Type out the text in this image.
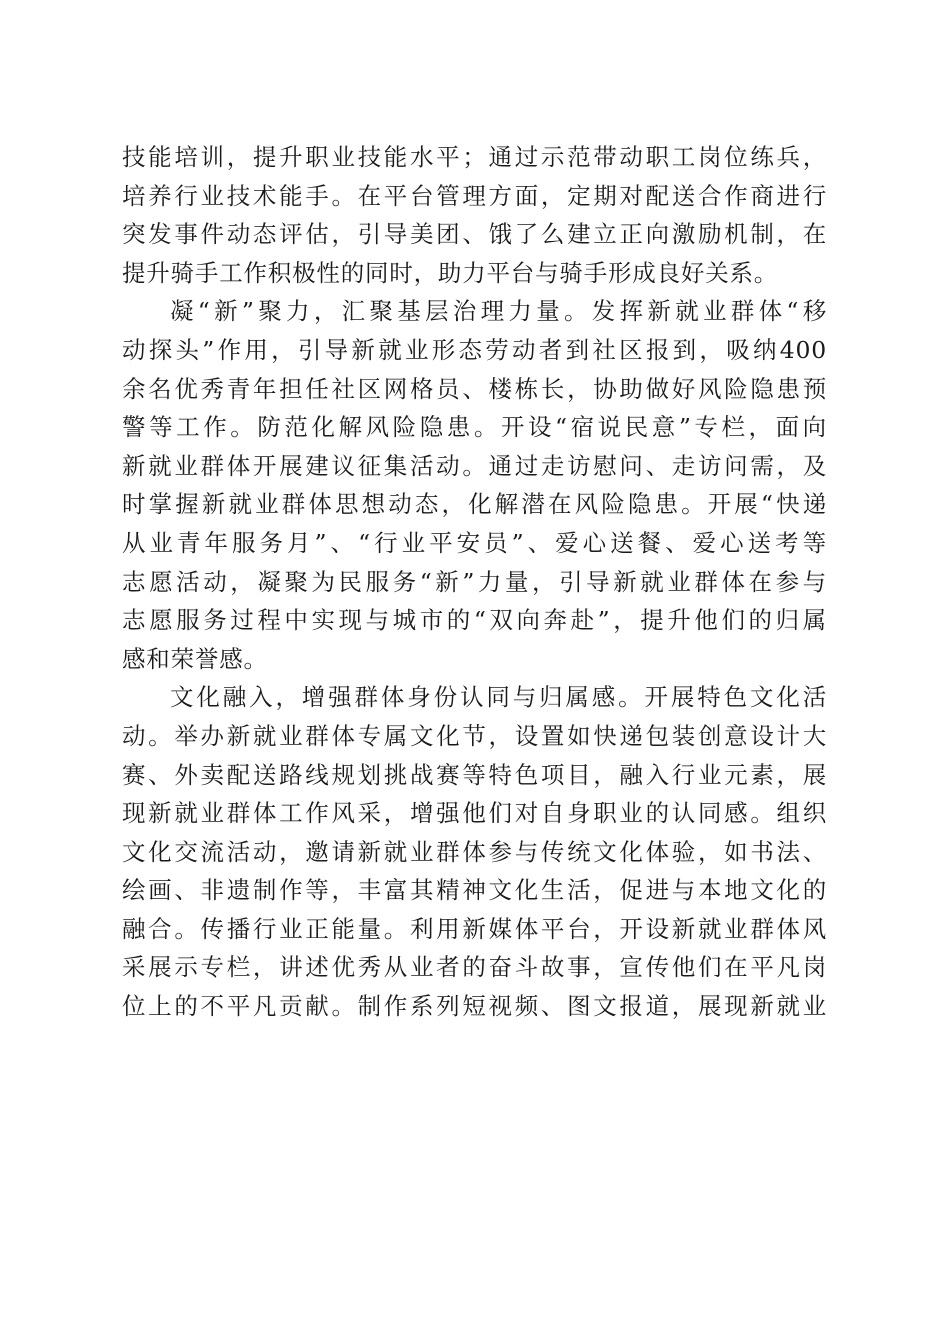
技能培训，提升职业技能水平；通过示范带动职工岗位练兵，
培养行业技术能手。在平台管理方面，定期对配送合作商进行
突发事件动态评估，引导美团、饿了么建立正向激励机制，在
提升骑手工作积极性的同时，助力平台与骑手形成良好关系。
凝“新”聚力，汇聚基层治理力量。发挥新就业群体“移
动探头”作用，引导新就业形态劳动者到社区报到，吸纳400
余名优秀青年担任社区网格员、楼栋长，协助做好风险隐患预
警等工作。防范化解风险隐患。开设“宿说民意”专栏，面向
新就业群体开展建议征集活动。通过走访慰问、走访问需，及
时掌握新就业群体思想动态，化解潜在风险隐患。开展“快递
从业青年服务月”、“行业平安员”、爱心送餐、爱心送考等
志愿活动，凝聚为民服务“新”力量，引导新就业群体在参与
志愿服务过程中实现与城市的“双向奔赴”，提升他们的归属
感和荣誉感。
文化融入，增强群体身份认同与归属感。开展特色文化活
动。举办新就业群体专属文化节，设置如快递包装创意设计大
赛、外卖配送路线规划挑战赛等特色项目，融入行业元素，展
现新就业群体工作风采，增强他们对自身职业的认同感。组织
文化交流活动，邀请新就业群体参与传统文化体验，如书法、
绘画、非遗制作等，丰富其精神文化生活，促进与本地文化的
融合。传播行业正能量。利用新媒体平台，开设新就业群体风
采展示专栏，讲述优秀从业者的奋斗故事，宣传他们在平凡岗
位上的不平凡贡献。制作系列短视频、图文报道，展现新就业
